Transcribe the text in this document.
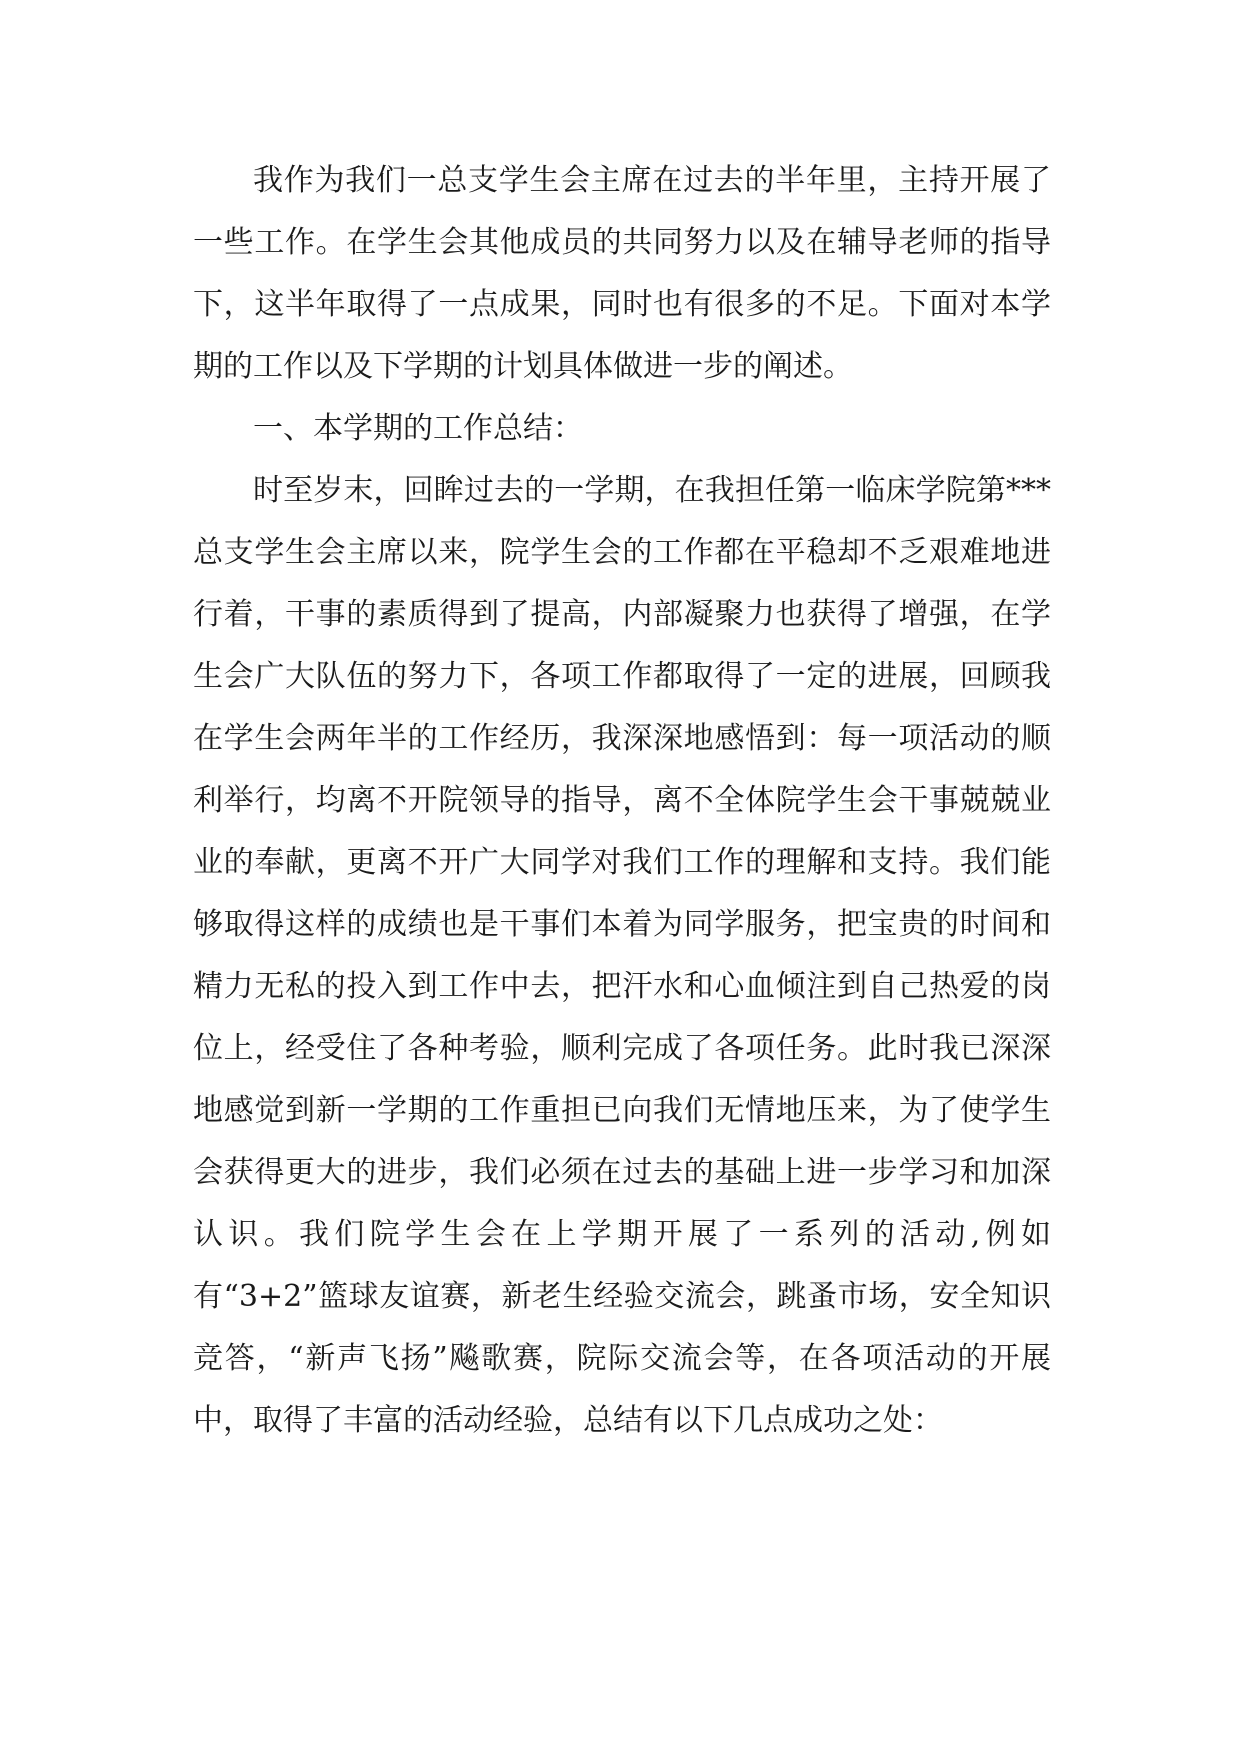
我作为我们一总支学生会主席在过去的半年里，主持开展了一些工作。在学生会其他成员的共同努力以及在辅导老师的指导下，这半年取得了一点成果，同时也有很多的不足。下面对本学期的工作以及下学期的计划具体做进一步的阐述。

一、本学期的工作总结：

时至岁末，回眸过去的一学期，在我担任第一临床学院第***总支学生会主席以来，院学生会的工作都在平稳却不乏艰难地进行着，干事的素质得到了提高，内部凝聚力也获得了增强，在学生会广大队伍的努力下，各项工作都取得了一定的进展，回顾我在学生会两年半的工作经历，我深深地感悟到：每一项活动的顺利举行，均离不开院领导的指导，离不全体院学生会干事兢兢业业的奉献，更离不开广大同学对我们工作的理解和支持。我们能够取得这样的成绩也是干事们本着为同学服务，把宝贵的时间和精力无私的投入到工作中去，把汗水和心血倾注到自己热爱的岗位上，经受住了各种考验，顺利完成了各项任务。此时我已深深地感觉到新一学期的工作重担已向我们无情地压来，为了使学生会获得更大的进步，我们必须在过去的基础上进一步学习和加深认识。我们院学生会在上学期开展了一系列的活动,例如有“3+2”篮球友谊赛，新老生经验交流会，跳蚤市场，安全知识竞答，“新声飞扬”飚歌赛，院际交流会等，在各项活动的开展中，取得了丰富的活动经验，总结有以下几点成功之处：
